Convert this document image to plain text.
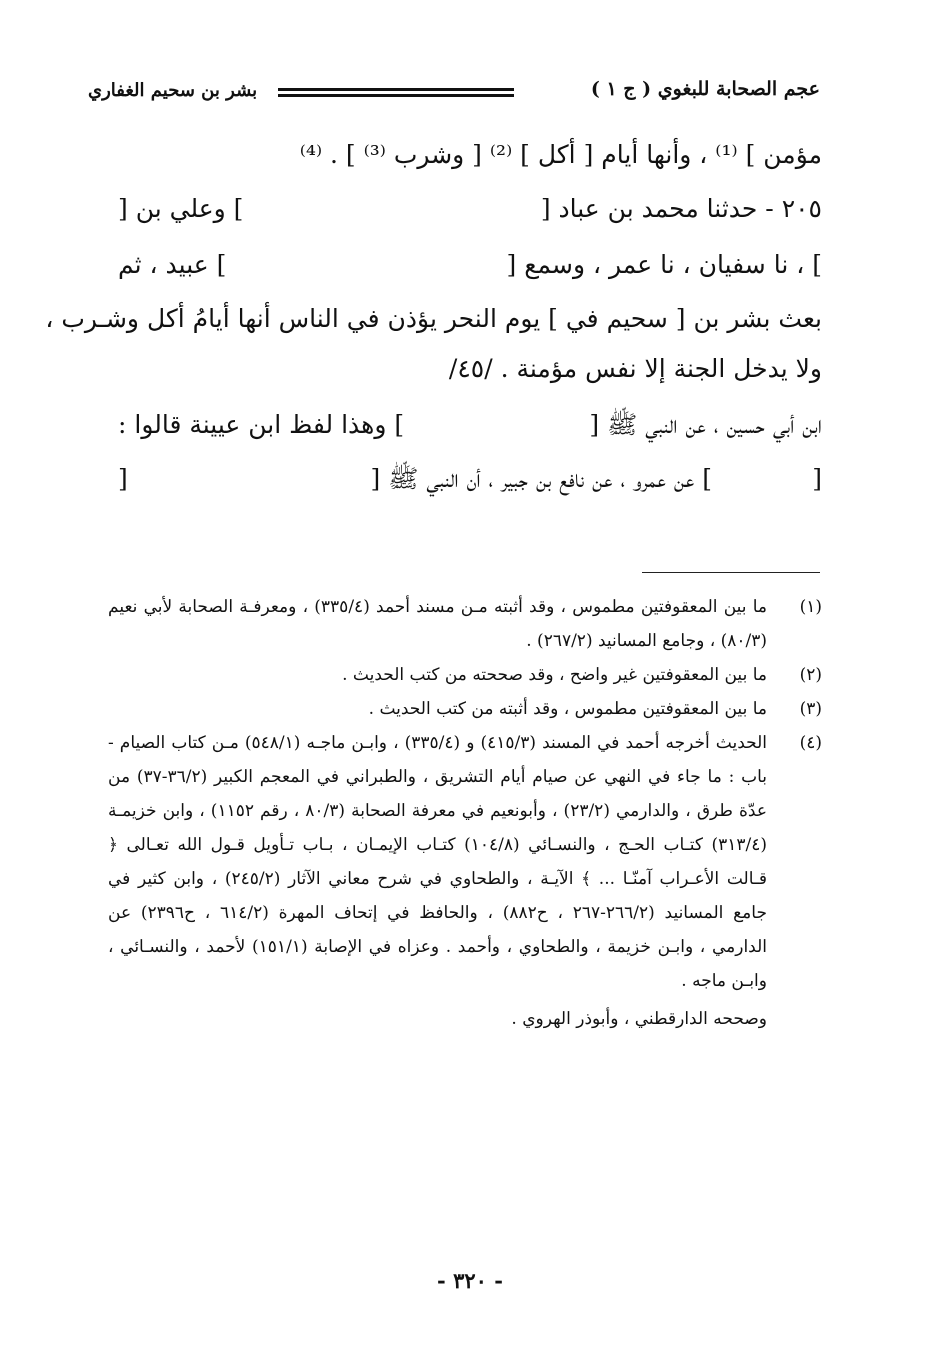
عجم الصحابة للبغوي ( ج ١ )
بشر بن سحيم الغفاري
مؤمن ] ⁽¹⁾ ، وأنها أيام [ أكل ] ⁽²⁾ [ وشرب ⁽³⁾ ] . ⁽⁴⁾
٢٠٥ - حدثنا محمد بن عباد [
] وعلي بن [
] ، نا سفيان ، نا عمر ، وسمع [
] عبيد ، ثم
بعث بشر بن [ سحيم في ] يوم النحر يؤذن في الناس أنها أيامُ أكل وشـرب ،
ولا يدخل الجنة إلا نفس مؤمنة . /٤٥/
ابن أبي حسين ، عن النبي ﷺ [
] وهذا لفظ ابن عيينة قالوا :
[
] عن عمرو ، عن نافع بن جبير ، أن النبي ﷺ [
[
(١)
ما بين المعقوفتين مطموس ، وقد أثبته مـن مسند أحمد (٣٣٥/٤) ، ومعرفـة الصحابة لأبي نعيم (٨٠/٣) ، وجامع المسانيد (٢٦٧/٢) .
(٢)
ما بين المعقوفتين غير واضح ، وقد صححته من كتب الحديث .
(٣)
ما بين المعقوفتين مطموس ، وقد أثبته من كتب الحديث .
(٤)
الحديث أخرجه أحمد في المسند (٤١٥/٣) و (٣٣٥/٤) ، وابـن ماجـه (٥٤٨/١) مـن كتاب الصيام - باب : ما جاء في النهي عن صيام أيام التشريق ، والطبراني في المعجم الكبير (٣٦/٢-٣٧) من عدّة طرق ، والدارمي (٢٣/٢) ، وأبونعيم في معرفة الصحابة (٨٠/٣ ، رقم ١١٥٢) ، وابن خزيمـة (٣١٣/٤) كتـاب الحـج ، والنسـائي (١٠٤/٨) كتـاب الإيمـان ، بـاب تـأويل قـول الله تعـالى ﴿ قـالت الأعـراب آمنّـا ... ﴾ الآيـة ، والطحاوي في شرح معاني الآثار (٢٤٥/٢) ، وابن كثير في جامع المسانيد (٢٦٦/٢-٢٦٧ ، ح٨٨٢) ، والحافظ في إتحاف المهرة (٦١٤/٢ ، ح٢٣٩٦) عن الدارمي ، وابـن خزيمة ، والطحاوي ، وأحمد . وعزاه في الإصابة (١٥١/١) لأحمد ، والنسـائي ، وابـن ماجه .
وصححه الدارقطني ، وأبوذر الهروي .
- ٣٢٠ -
